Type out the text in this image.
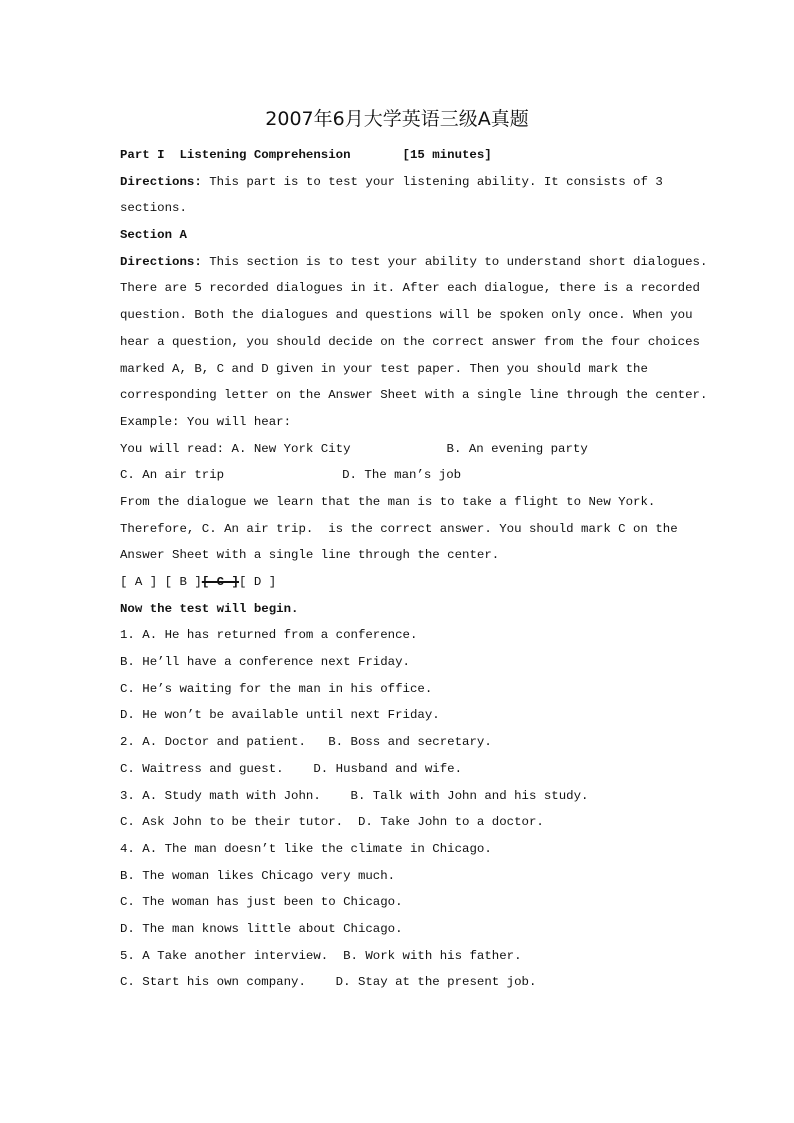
2007年6月大学英语三级A真题
Part I  Listening Comprehension	[15 minutes]
Directions: This part is to test your listening ability. It consists of 3
sections.
Section A
Directions: This section is to test your ability to understand short dialogues.
There are 5 recorded dialogues in it. After each dialogue, there is a recorded
question. Both the dialogues and questions will be spoken only once. When you
hear a question, you should decide on the correct answer from the four choices
marked A, B, C and D given in your test paper. Then you should mark the
corresponding letter on the Answer Sheet with a single line through the center.
Example: You will hear:
You will read: A. New York City	B. An evening party
C. An air trip	D. The man’s job
From the dialogue we learn that the man is to take a flight to New York.
Therefore, C. An air trip.  is the correct answer. You should mark C on the
Answer Sheet with a single line through the center.
[ A ] [ B ][ C ][ D ]
Now the test will begin.
1. A. He has returned from a conference.
B. He’ll have a conference next Friday.
C. He’s waiting for the man in his office.
D. He won’t be available until next Friday.
2. A. Doctor and patient.   B. Boss and secretary.
C. Waitress and guest.    D. Husband and wife.
3. A. Study math with John.    B. Talk with John and his study.
C. Ask John to be their tutor.  D. Take John to a doctor.
4. A. The man doesn’t like the climate in Chicago.
B. The woman likes Chicago very much.
C. The woman has just been to Chicago.
D. The man knows little about Chicago.
5. A Take another interview.  B. Work with his father.
C. Start his own company.    D. Stay at the present job.
